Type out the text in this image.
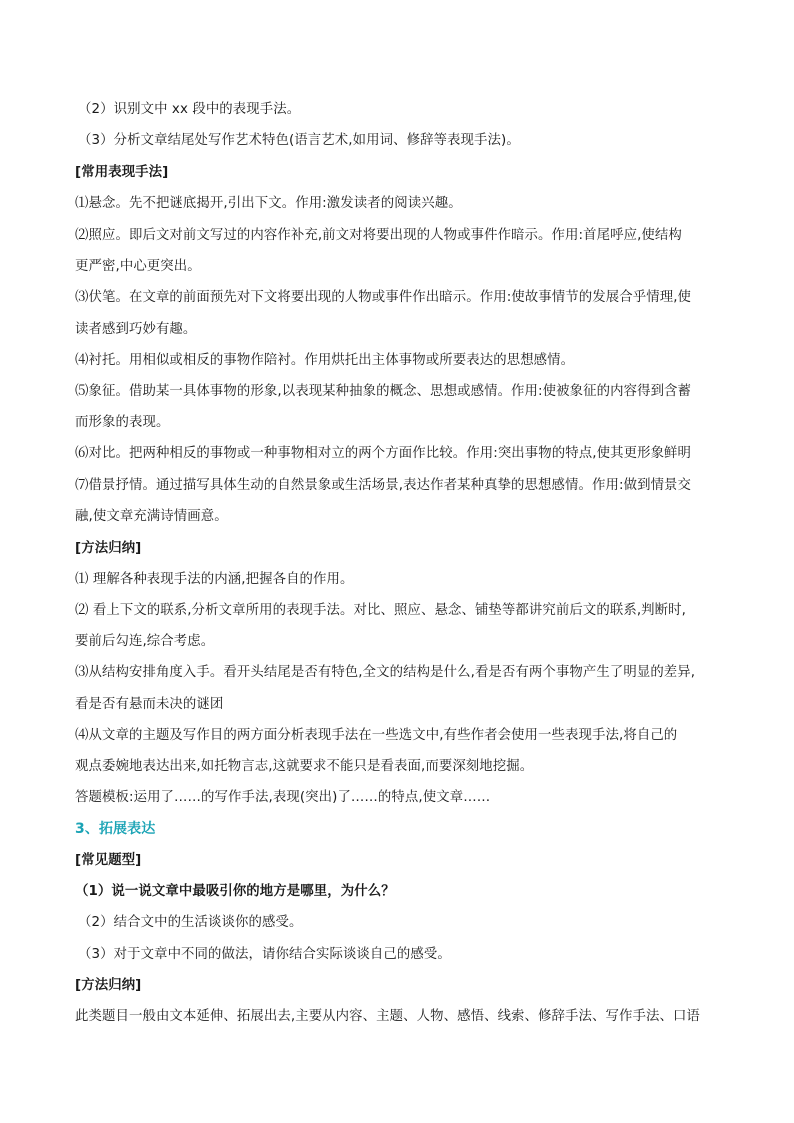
（2）识别文中 xx 段中的表现手法。
（3）分析文章结尾处写作艺术特色(语言艺术,如用词、修辞等表现手法)。
[常用表现手法]
⑴悬念。先不把谜底揭开,引出下文。作用:激发读者的阅读兴趣。
⑵照应。即后文对前文写过的内容作补充,前文对将要出现的人物或事件作暗示。作用:首尾呼应,使结构
更严密,中心更突出。
⑶伏笔。在文章的前面预先对下文将要出现的人物或事件作出暗示。作用:使故事情节的发展合乎情理,使
读者感到巧妙有趣。
⑷衬托。用相似或相反的事物作陪衬。作用烘托出主体事物或所要表达的思想感情。
⑸象征。借助某一具体事物的形象,以表现某种抽象的概念、思想或感情。作用:使被象征的内容得到含蓄
而形象的表现。
⑹对比。把两种相反的事物或一种事物相对立的两个方面作比较。作用:突出事物的特点,使其更形象鲜明
⑺借景抒情。通过描写具体生动的自然景象或生活场景,表达作者某种真挚的思想感情。作用:做到情景交
融,使文章充满诗情画意。
[方法归纳]
⑴ 理解各种表现手法的内涵,把握各自的作用。
⑵ 看上下文的联系,分析文章所用的表现手法。对比、照应、悬念、铺垫等都讲究前后文的联系,判断时,
要前后勾连,综合考虑。
⑶从结构安排角度入手。看开头结尾是否有特色,全文的结构是什么,看是否有两个事物产生了明显的差异,
看是否有悬而未决的谜团
⑷从文章的主题及写作目的两方面分析表现手法在一些选文中,有些作者会使用一些表现手法,将自己的
观点委婉地表达出来,如托物言志,这就要求不能只是看表面,而要深刻地挖掘。
答题模板:运用了……的写作手法,表现(突出)了……的特点,使文章……
3、拓展表达
[常见题型]
（1）说一说文章中最吸引你的地方是哪里，为什么？
（2）结合文中的生活谈谈你的感受。
（3）对于文章中不同的做法，请你结合实际谈谈自己的感受。
[方法归纳]
此类题目一般由文本延伸、拓展出去,主要从内容、主题、人物、感悟、线索、修辞手法、写作手法、口语
